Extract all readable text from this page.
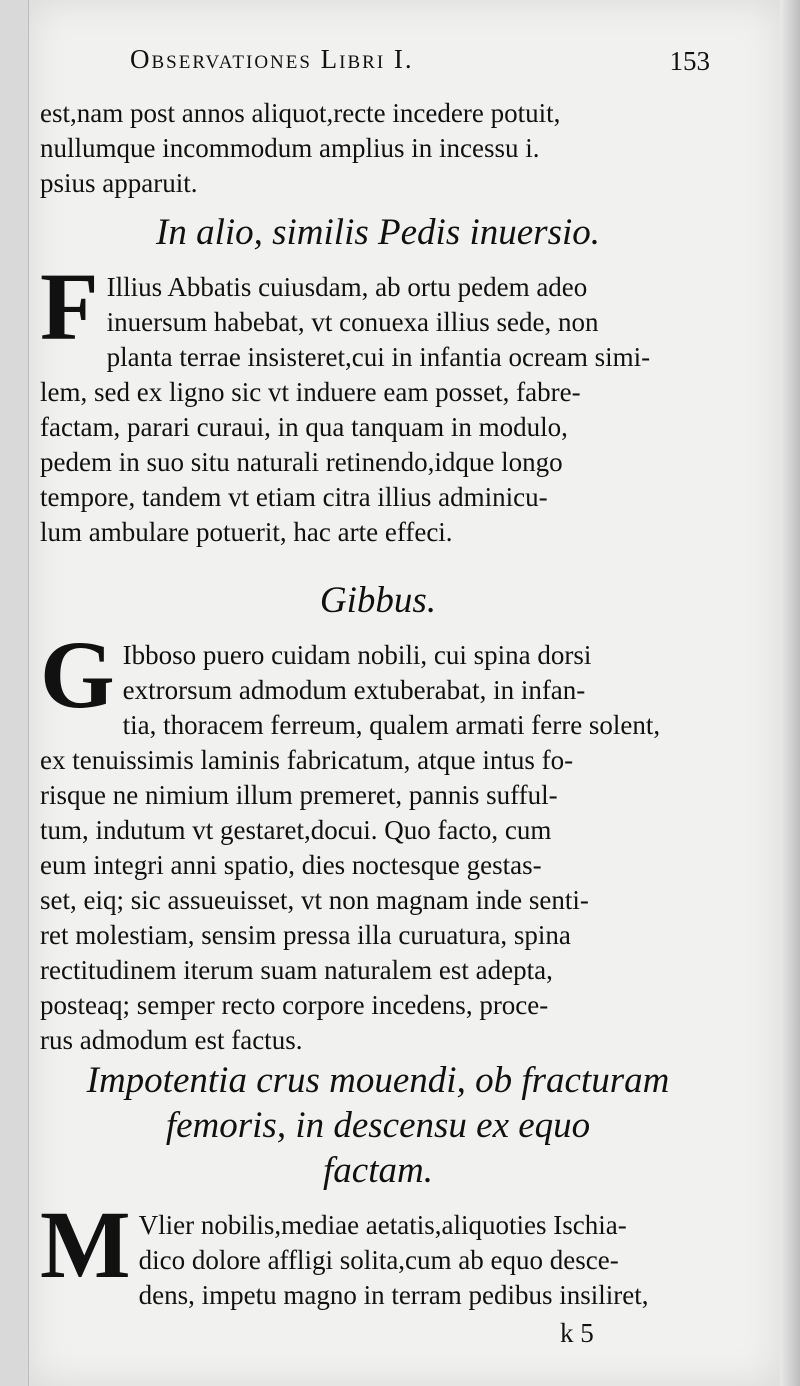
Observationes Libri I.	153
est,nam post annos aliquot,recte incedere potuit,
nullumque incommodum amplius in incessu i.
psius apparuit.
In alio, similis Pedis inuersio.
F Illius Abbatis cuiusdam, ab ortu pedem adeo
inuersum habebat, vt conuexa illius sede, non
planta terrae insisteret,cui in infantia ocream simi-
lem, sed ex ligno sic vt induere eam posset, fabre-
factam, parari curaui, in qua tanquam in modulo,
pedem in suo situ naturali retinendo,idque longo
tempore, tandem vt etiam citra illius adminicu-
lum ambulare potuerit, hac arte effeci.
Gibbus.
G Ibboso puero cuidam nobili, cui spina dorsi
extrorsum admodum extuberabat, in infan-
tia, thoracem ferreum, qualem armati ferre solent,
ex tenuissimis laminis fabricatum, atque intus fo-
risque ne nimium illum premeret, pannis sufful-
tum, indutum vt gestaret,docui. Quo facto, cum
eum integri anni spatio, dies noctesque gestas-
set, eiq; sic assueuisset, vt non magnam inde senti-
ret molestiam, sensim pressa illa curuatura, spina
rectitudinem iterum suam naturalem est adepta,
posteaq; semper recto corpore incedens, proce-
rus admodum est factus.
Impotentia crus mouendi, ob fracturam
femoris, in descensu ex equo
factam.
M Vlier nobilis,mediae aetatis,aliquoties Ischia-
dico dolore affligi solita,cum ab equo desce-
dens, impetu magno in terram pedibus insiliret,
k 5
